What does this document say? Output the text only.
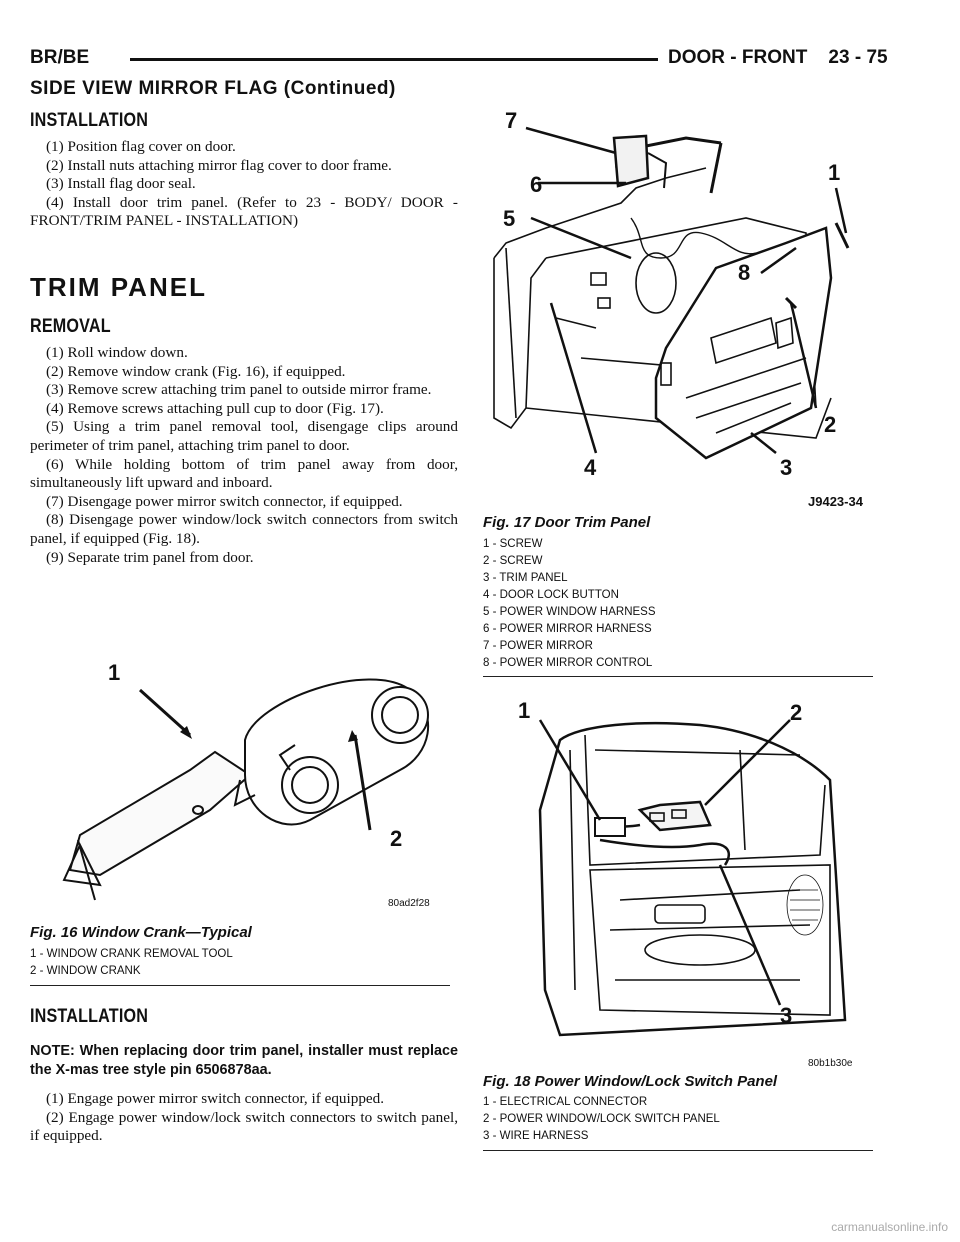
BR/BE	DOOR - FRONT    23 - 75
SIDE VIEW MIRROR FLAG (Continued)
INSTALLATION

(1) Position flag cover on door.

(2) Install nuts attaching mirror flag cover to door frame.

(3) Install flag door seal.

(4) Install door trim panel. (Refer to 23 - BODY/ DOOR - FRONT/TRIM PANEL - INSTALLATION)

TRIM PANEL
REMOVAL

(1) Roll window down.

(2) Remove window crank (Fig. 16), if equipped.

(3) Remove screw attaching trim panel to outside mirror frame.

(4) Remove screws attaching pull cup to door (Fig. 17).

(5) Using a trim panel removal tool, disengage clips around perimeter of trim panel, attaching trim panel to door.

(6) While holding bottom of trim panel away from door, simultaneously lift upward and inboard.

(7) Disengage power mirror switch connector, if equipped.

(8) Disengage power window/lock switch connectors from switch panel, if equipped (Fig. 18).

(9) Separate trim panel from door.

1
2
80ad2f28
Fig. 16 Window Crank—Typical
1 - WINDOW CRANK REMOVAL TOOL
2 - WINDOW CRANK
INSTALLATION
NOTE: When replacing door trim panel, installer must replace the X-mas tree style pin 6506878aa.

(1) Engage power mirror switch connector, if equipped.

(2) Engage power window/lock switch connectors to switch panel, if equipped.

7
6
5
1
8
2
3
4
J9423-34
Fig. 17 Door Trim Panel
1 - SCREW
2 - SCREW
3 - TRIM PANEL
4 - DOOR LOCK BUTTON
5 - POWER WINDOW HARNESS
6 - POWER MIRROR HARNESS
7 - POWER MIRROR
8 - POWER MIRROR CONTROL
1	2
3
80b1b30e
Fig. 18 Power Window/Lock Switch Panel
1 - ELECTRICAL CONNECTOR
2 - POWER WINDOW/LOCK SWITCH PANEL
3 - WIRE HARNESS
carmanualsonline.info
